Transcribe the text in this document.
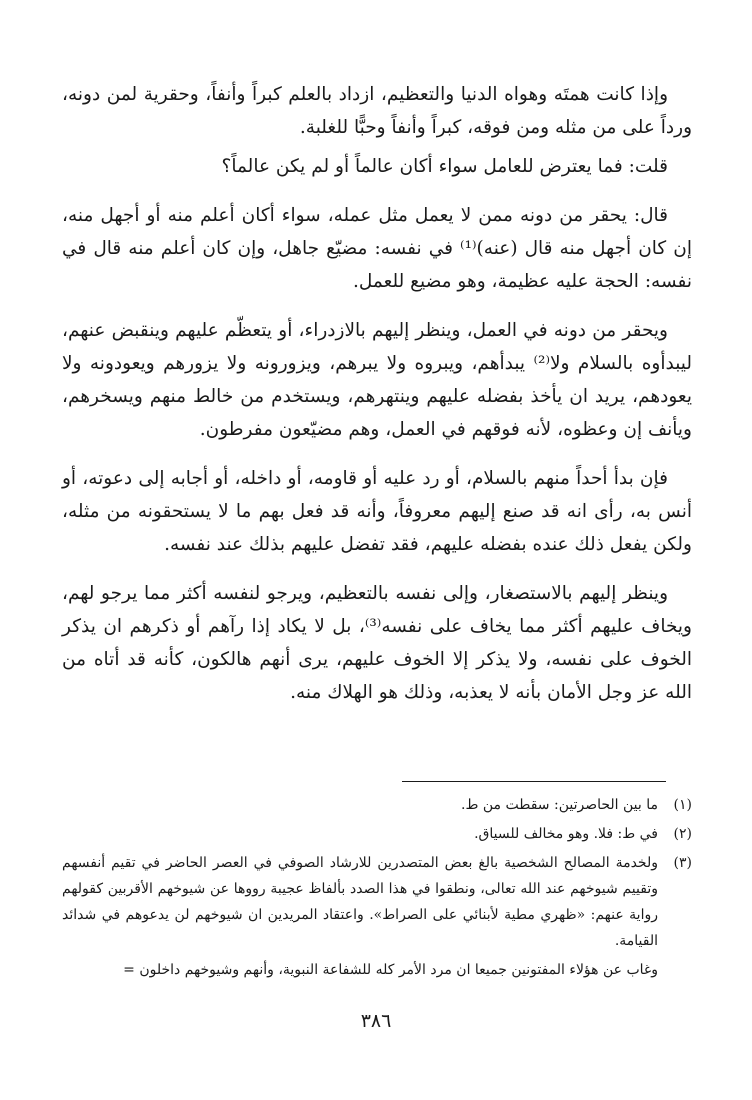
وإذا كانت همتَه وهواه الدنيا والتعظيم، ازداد بالعلم كبراً وأنفاً، وحقرية لمن دونه، ورداً على من مثله ومن فوقه، كبراً وأنفاً وحبًّا للغلبة.

قلت: فما يعترض للعامل سواء أكان عالماً أو لم يكن عالماً؟

قال: يحقر من دونه ممن لا يعمل مثل عمله، سواء أكان أعلم منه أو أجهل منه، إن كان أجهل منه قال (عنه)⁽¹⁾ في نفسه: مضيّع جاهل، وإن كان أعلم منه قال في نفسه: الحجة عليه عظيمة، وهو مضيع للعمل.

ويحقر من دونه في العمل، وينظر إليهم بالازدراء، أو يتعظّم عليهم وينقبض عنهم، ليبدأوه بالسلام ولا⁽²⁾ يبدأهم، ويبروه ولا يبرهم، ويزورونه ولا يزورهم ويعودونه ولا يعودهم، يريد ان يأخذ بفضله عليهم وينتهرهم، ويستخدم من خالط منهم ويسخرهم، ويأنف إن وعظوه، لأنه فوقهم في العمل، وهم مضيّعون مفرطون.

فإن بدأ أحداً منهم بالسلام، أو رد عليه أو قاومه، أو داخله، أو أجابه إلى دعوته، أو أنس به، رأى انه قد صنع إليهم معروفاً، وأنه قد فعل بهم ما لا يستحقونه من مثله، ولكن يفعل ذلك عنده بفضله عليهم، فقد تفضل عليهم بذلك عند نفسه.

وينظر إليهم بالاستصغار، وإلى نفسه بالتعظيم، ويرجو لنفسه أكثر مما يرجو لهم، ويخاف عليهم أكثر مما يخاف على نفسه⁽³⁾، بل لا يكاد إذا رآهم أو ذكرهم ان يذكر الخوف على نفسه، ولا يذكر إلا الخوف عليهم، يرى أنهم هالكون، كأنه قد أتاه من الله عز وجل الأمان بأنه لا يعذبه، وذلك هو الهلاك منه.

(١)
ما بين الحاصرتين: سقطت من ط.
(٢)
في ط: فلا. وهو مخالف للسياق.
(٣)
ولخدمة المصالح الشخصية بالغ بعض المتصدرين للارشاد الصوفي في العصر الحاضر في تقيم أنفسهم وتقييم شيوخهم عند الله تعالى، ونطقوا في هذا الصدد بألفاظ عجيبة رووها عن شيوخهم الأقربين كقولهم رواية عنهم: «ظهري مطية لأبنائي على الصراط». واعتقاد المريدين ان شيوخهم لن يدعوهم في شدائد القيامة.
وغاب عن هؤلاء المفتونين جميعا ان مرد الأمر كله للشفاعة النبوية، وأنهم وشيوخهم داخلون =
٣٨٦
